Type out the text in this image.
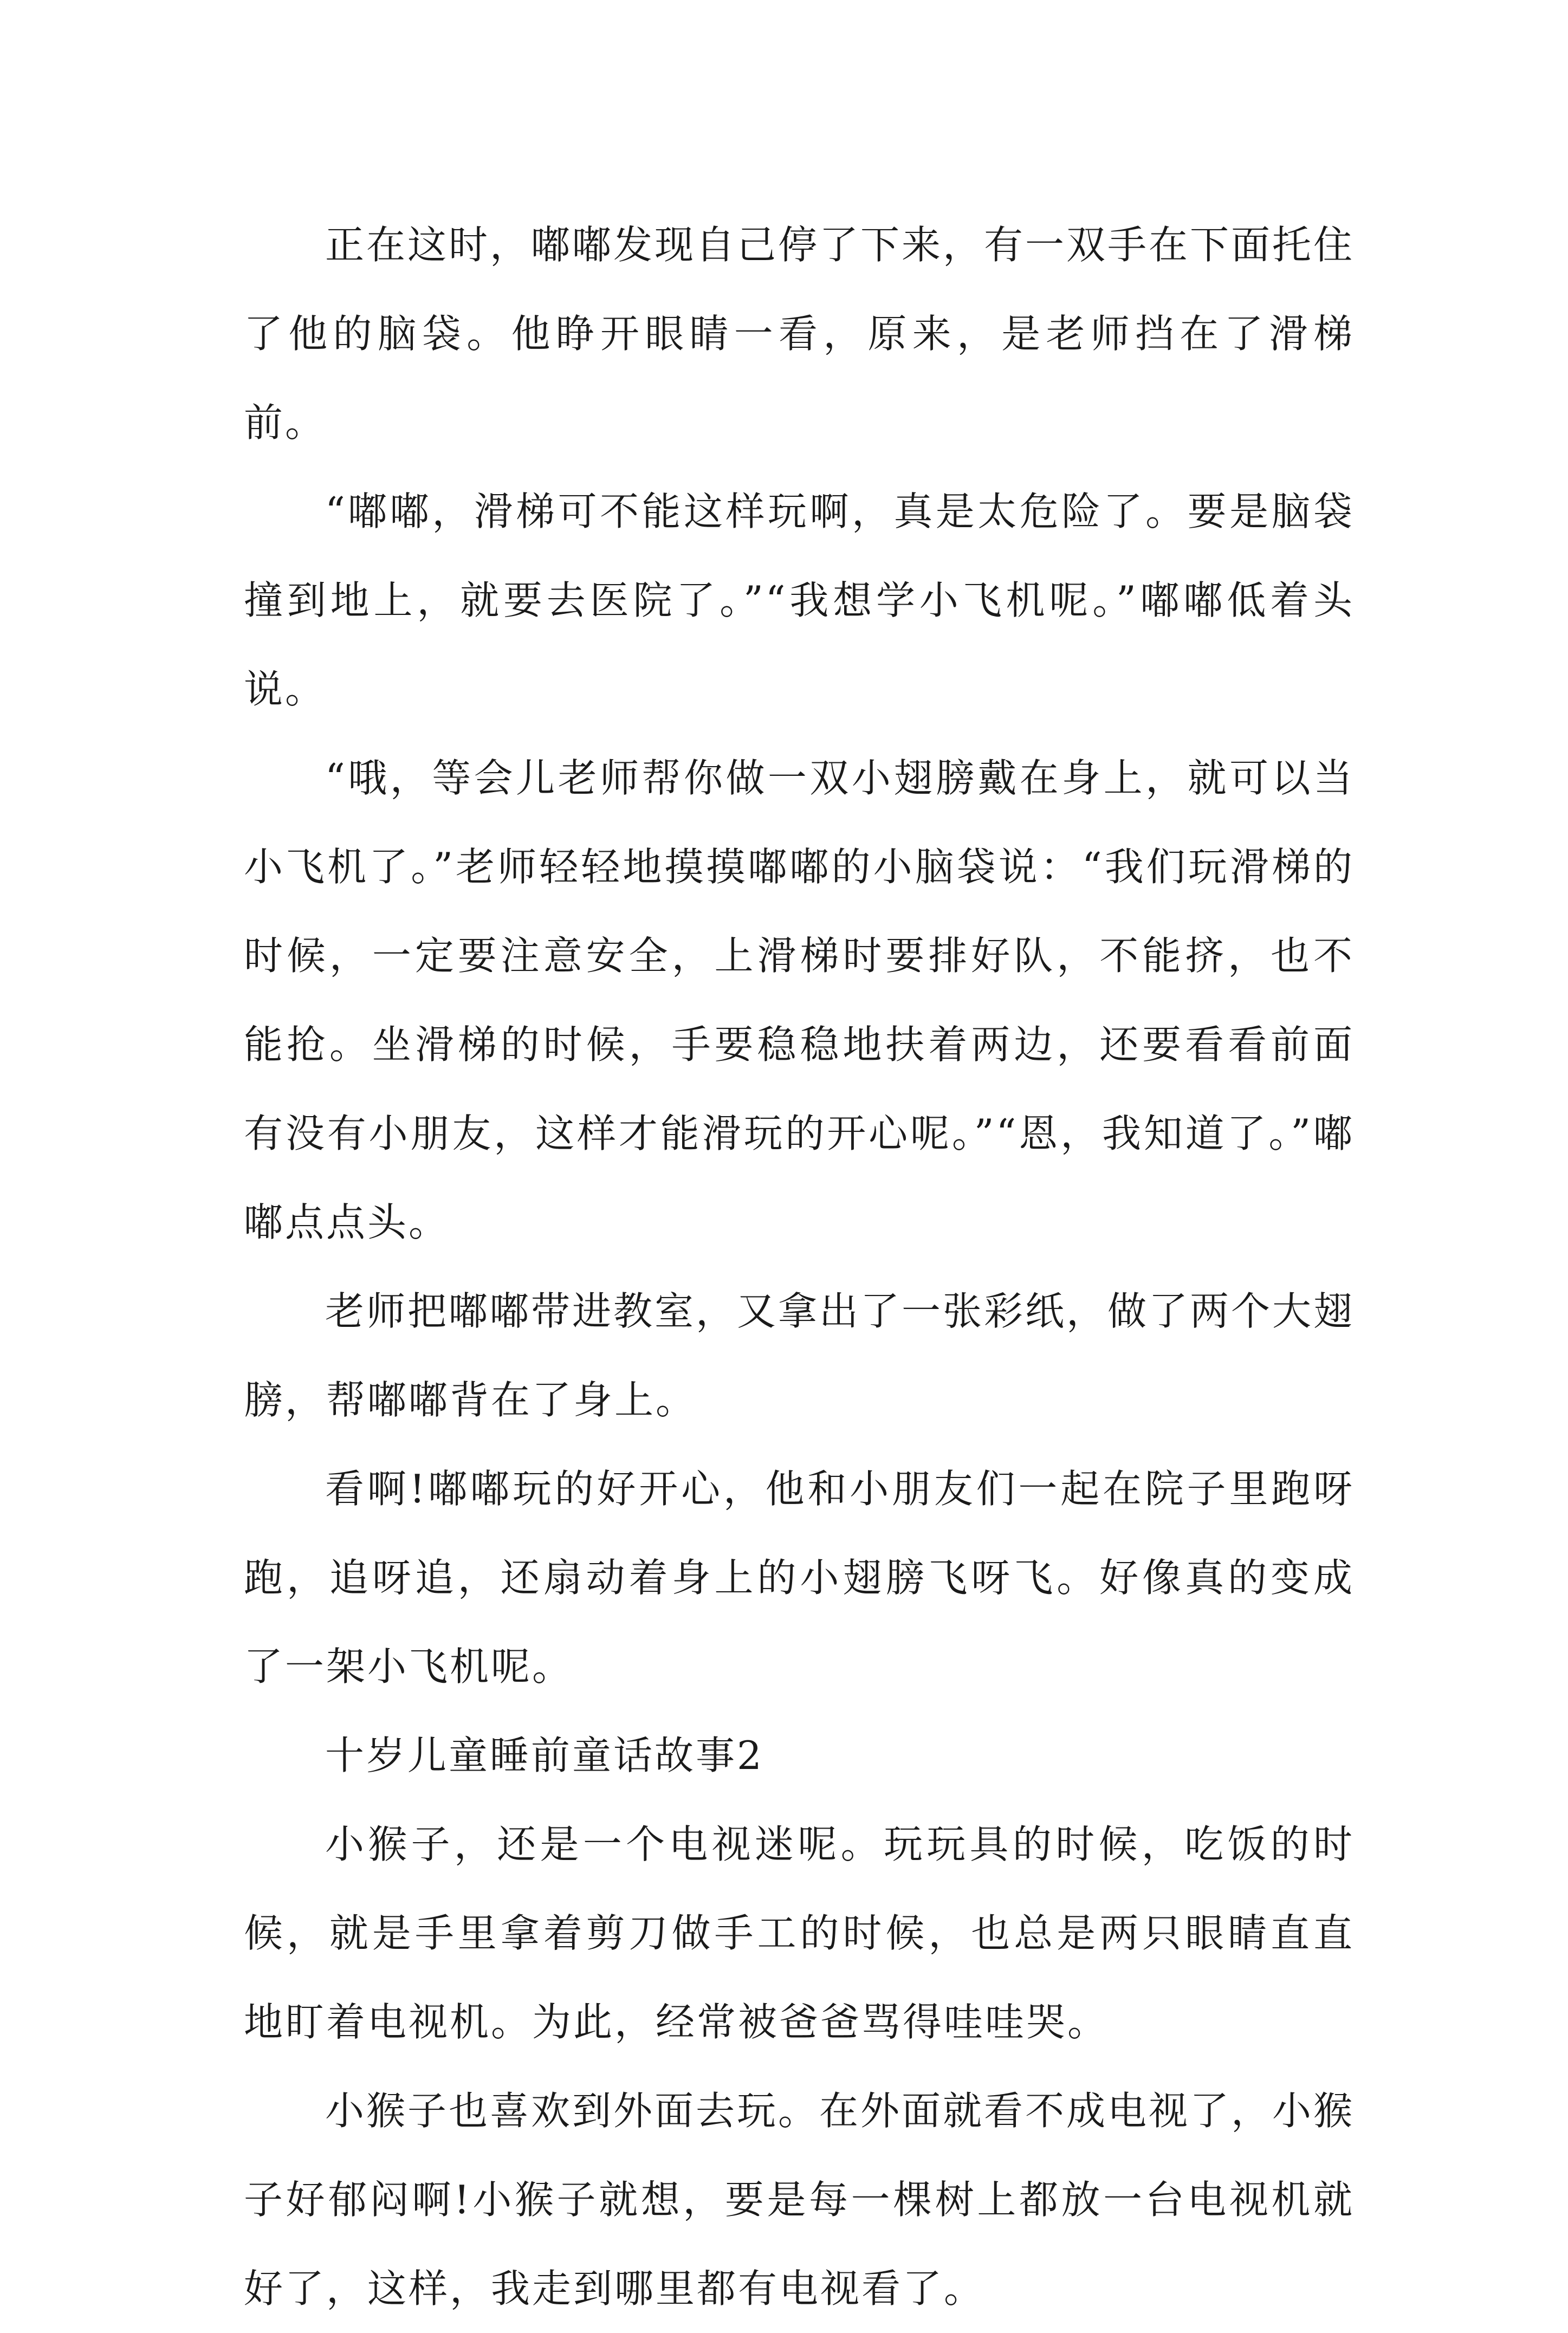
正在这时，嘟嘟发现自己停了下来，有一双手在下面托住了他的脑袋。他睁开眼睛一看，原来，是老师挡在了滑梯前。

“嘟嘟，滑梯可不能这样玩啊，真是太危险了。要是脑袋撞到地上，就要去医院了。”“我想学小飞机呢。”嘟嘟低着头说。

“哦，等会儿老师帮你做一双小翅膀戴在身上，就可以当小飞机了。”老师轻轻地摸摸嘟嘟的小脑袋说：“我们玩滑梯的时候，一定要注意安全，上滑梯时要排好队，不能挤，也不能抢。坐滑梯的时候，手要稳稳地扶着两边，还要看看前面有没有小朋友，这样才能滑玩的开心呢。”“恩，我知道了。”嘟嘟点点头。

老师把嘟嘟带进教室，又拿出了一张彩纸，做了两个大翅膀，帮嘟嘟背在了身上。

看啊!嘟嘟玩的好开心，他和小朋友们一起在院子里跑呀跑，追呀追，还扇动着身上的小翅膀飞呀飞。好像真的变成了一架小飞机呢。

十岁儿童睡前童话故事2

小猴子，还是一个电视迷呢。玩玩具的时候，吃饭的时候，就是手里拿着剪刀做手工的时候，也总是两只眼睛直直地盯着电视机。为此，经常被爸爸骂得哇哇哭。

小猴子也喜欢到外面去玩。在外面就看不成电视了，小猴子好郁闷啊!小猴子就想，要是每一棵树上都放一台电视机就好了，这样，我走到哪里都有电视看了。
